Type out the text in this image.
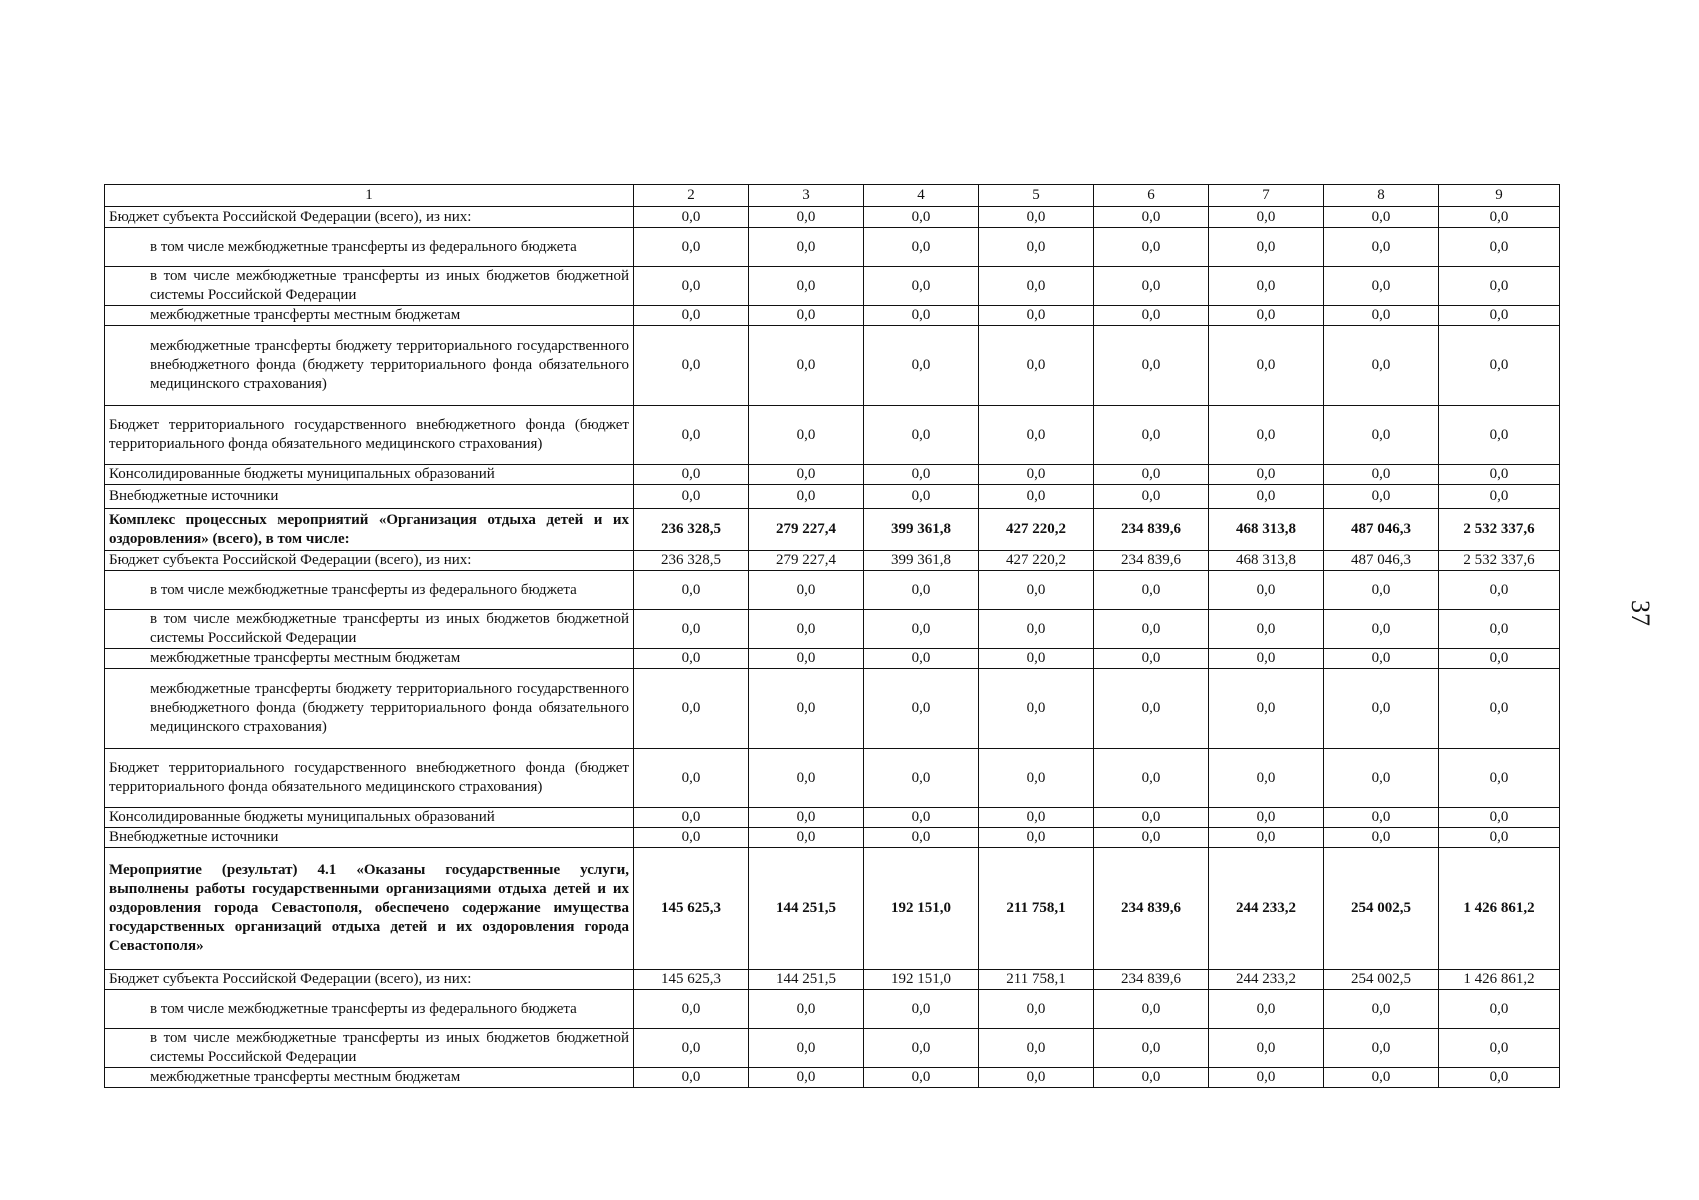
37
1	2	3	4	5	6	7	8	9
Бюджет субъекта Российской Федерации (всего), из них:	0,0	0,0	0,0	0,0	0,0	0,0	0,0	0,0
в том числе межбюджетные трансферты из федерального бюджета	0,0	0,0	0,0	0,0	0,0	0,0	0,0	0,0
в том числе межбюджетные трансферты из иных бюджетов бюджетной системы Российской Федерации	0,0	0,0	0,0	0,0	0,0	0,0	0,0	0,0
межбюджетные трансферты местным бюджетам	0,0	0,0	0,0	0,0	0,0	0,0	0,0	0,0
межбюджетные трансферты бюджету территориального государственного внебюджетного фонда (бюджету территориального фонда обязательного медицинского страхования)	0,0	0,0	0,0	0,0	0,0	0,0	0,0	0,0
Бюджет территориального государственного внебюджетного фонда (бюджет территориального фонда обязательного медицинского страхования)	0,0	0,0	0,0	0,0	0,0	0,0	0,0	0,0
Консолидированные бюджеты муниципальных образований	0,0	0,0	0,0	0,0	0,0	0,0	0,0	0,0
Внебюджетные источники	0,0	0,0	0,0	0,0	0,0	0,0	0,0	0,0
Комплекс процессных мероприятий «Организация отдыха детей и их оздоровления» (всего), в том числе:	236 328,5	279 227,4	399 361,8	427 220,2	234 839,6	468 313,8	487 046,3	2 532 337,6
Бюджет субъекта Российской Федерации (всего), из них:	236 328,5	279 227,4	399 361,8	427 220,2	234 839,6	468 313,8	487 046,3	2 532 337,6
в том числе межбюджетные трансферты из федерального бюджета	0,0	0,0	0,0	0,0	0,0	0,0	0,0	0,0
в том числе межбюджетные трансферты из иных бюджетов бюджетной системы Российской Федерации	0,0	0,0	0,0	0,0	0,0	0,0	0,0	0,0
межбюджетные трансферты местным бюджетам	0,0	0,0	0,0	0,0	0,0	0,0	0,0	0,0
межбюджетные трансферты бюджету территориального государственного внебюджетного фонда (бюджету территориального фонда обязательного медицинского страхования)	0,0	0,0	0,0	0,0	0,0	0,0	0,0	0,0
Бюджет территориального государственного внебюджетного фонда (бюджет территориального фонда обязательного медицинского страхования)	0,0	0,0	0,0	0,0	0,0	0,0	0,0	0,0
Консолидированные бюджеты муниципальных образований	0,0	0,0	0,0	0,0	0,0	0,0	0,0	0,0
Внебюджетные источники	0,0	0,0	0,0	0,0	0,0	0,0	0,0	0,0
Мероприятие (результат) 4.1 «Оказаны государственные услуги, выполнены работы государственными организациями отдыха детей и их оздоровления города Севастополя, обеспечено содержание имущества государственных организаций отдыха детей и их оздоровления города Севастополя»	145 625,3	144 251,5	192 151,0	211 758,1	234 839,6	244 233,2	254 002,5	1 426 861,2
Бюджет субъекта Российской Федерации (всего), из них:	145 625,3	144 251,5	192 151,0	211 758,1	234 839,6	244 233,2	254 002,5	1 426 861,2
в том числе межбюджетные трансферты из федерального бюджета	0,0	0,0	0,0	0,0	0,0	0,0	0,0	0,0
в том числе межбюджетные трансферты из иных бюджетов бюджетной системы Российской Федерации	0,0	0,0	0,0	0,0	0,0	0,0	0,0	0,0
межбюджетные трансферты местным бюджетам	0,0	0,0	0,0	0,0	0,0	0,0	0,0	0,0
